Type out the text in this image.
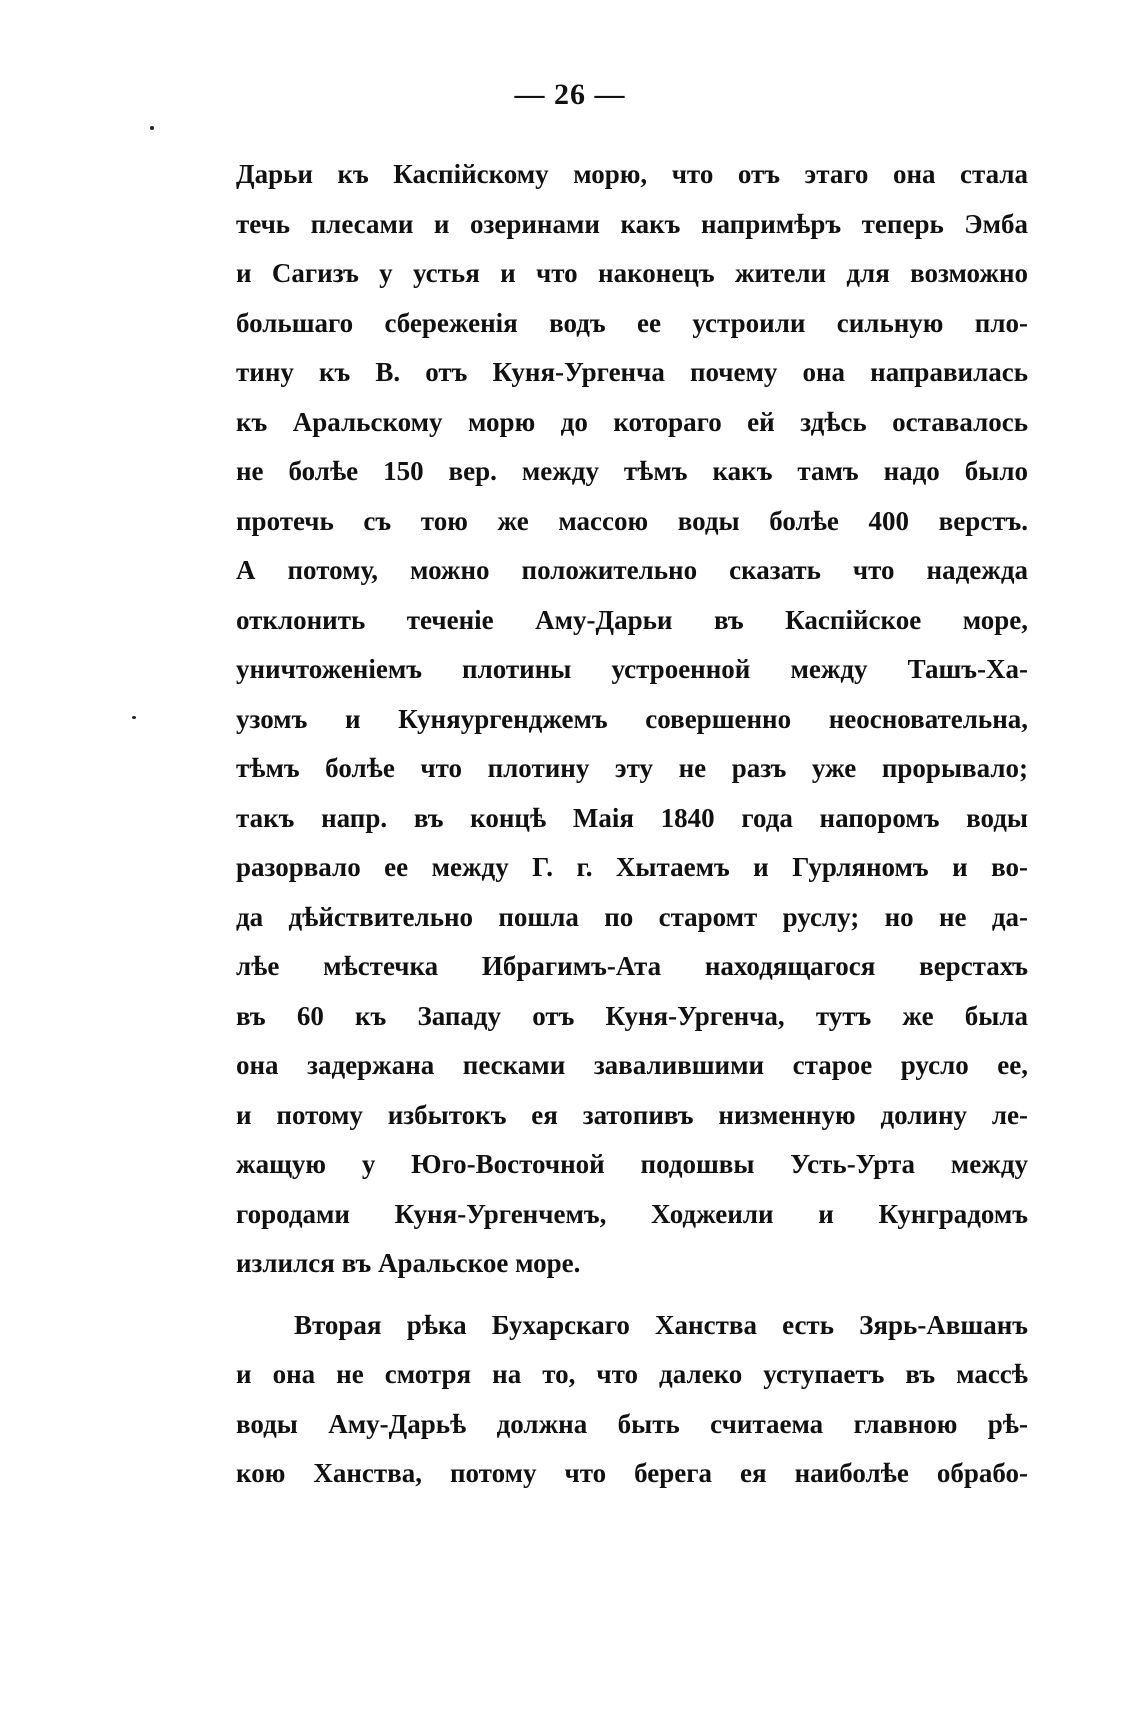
— 26 —
Дарьи къ Каспійскому морю, что отъ этаго она стала
течь плесами и озеринами какъ напримѣръ теперь Эмба
и Сагизъ у устья и что наконецъ жители для возможно
большаго сбереженія водъ ее устроили сильную пло-
тину къ В. отъ Куня-Ургенча почему она направилась
къ Аральскому морю до котораго ей здѣсь оставалось
не болѣе 150 вер. между тѣмъ какъ тамъ надо было
протечь съ тою же массою воды болѣе 400 верстъ.
А потому, можно положительно сказать что надежда
отклонить теченіе Аму-Дарьи въ Каспійское море,
уничтоженіемъ плотины устроенной между Ташъ-Ха-
узомъ и Куняургенджемъ совершенно неосновательна,
тѣмъ болѣе что плотину эту не разъ уже прорывало;
такъ напр. въ концѣ Маія 1840 года напоромъ воды
разорвало ее между Г. г. Хытаемъ и Гурляномъ и во-
да дѣйствительно пошла по старомт руслу; но не да-
лѣе мѣстечка Ибрагимъ-Ата находящагося верстахъ
въ 60 къ Западу отъ Куня-Ургенча, тутъ же была
она задержана песками завалившими старое русло ее,
и потому избытокъ ея затопивъ низменную долину ле-
жащую у Юго-Восточной подошвы Усть-Урта между
городами Куня-Ургенчемъ, Ходжеили и Кунградомъ
излился въ Аральское море.
Вторая рѣка Бухарскаго Ханства есть Зярь-Авшанъ
и она не смотря на то, что далеко уступаетъ въ массѣ
воды Аму-Дарьѣ должна быть считаема главною рѣ-
кою Ханства, потому что берега ея наиболѣе обрабо-
